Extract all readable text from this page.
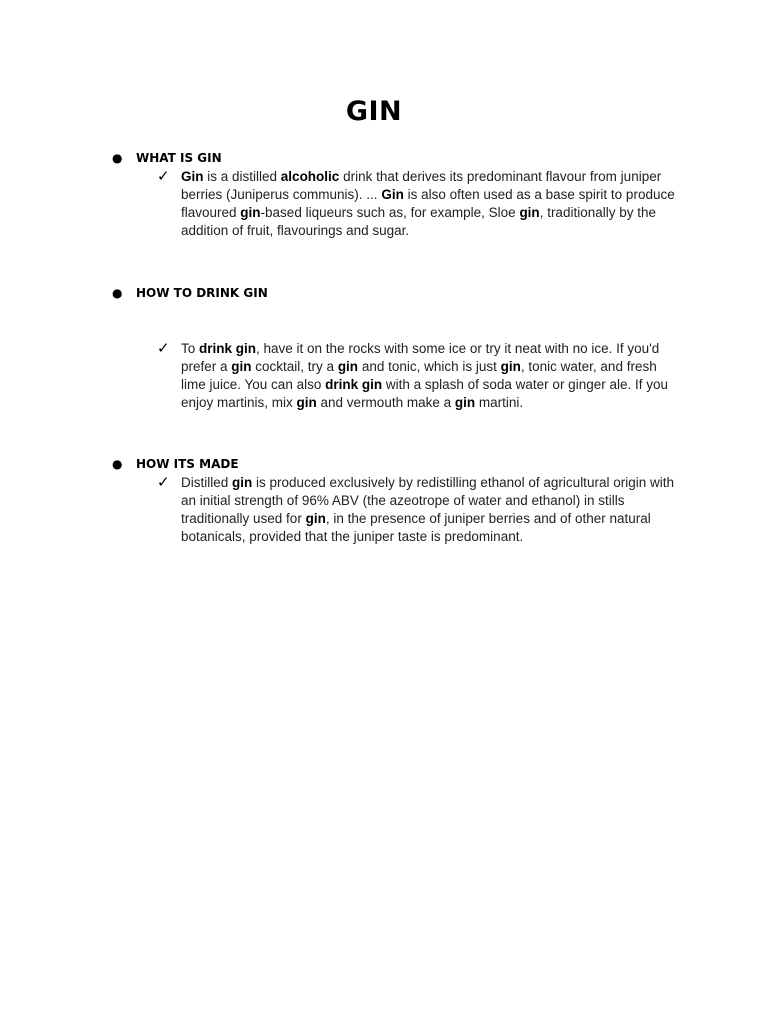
GIN
● WHAT IS GIN
✓ Gin is a distilled alcoholic drink that derives its predominant flavour from juniper berries (Juniperus communis). ... Gin is also often used as a base spirit to produce flavoured gin-based liqueurs such as, for example, Sloe gin, traditionally by the addition of fruit, flavourings and sugar.

● HOW TO DRINK GIN
✓ To drink gin, have it on the rocks with some ice or try it neat with no ice. If you'd prefer a gin cocktail, try a gin and tonic, which is just gin, tonic water, and fresh lime juice. You can also drink gin with a splash of soda water or ginger ale. If you enjoy martinis, mix gin and vermouth make a gin martini.

● HOW ITS MADE
✓ Distilled gin is produced exclusively by redistilling ethanol of agricultural origin with an initial strength of 96% ABV (the azeotrope of water and ethanol) in stills traditionally used for gin, in the presence of juniper berries and of other natural botanicals, provided that the juniper taste is predominant.
